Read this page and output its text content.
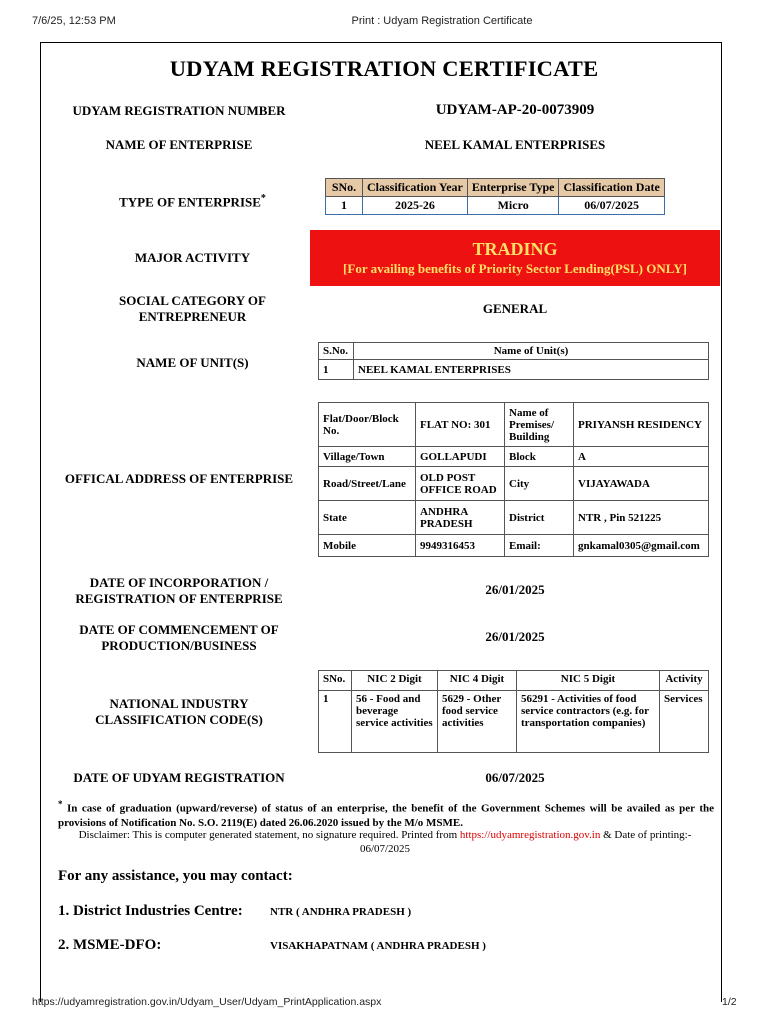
7/6/25, 12:53 PM	Print : Udyam Registration Certificate
UDYAM REGISTRATION CERTIFICATE
UDYAM REGISTRATION NUMBER	UDYAM-AP-20-0073909
NAME OF ENTERPRISE	NEEL KAMAL ENTERPRISES
TYPE OF ENTERPRISE*
SNo.	Classification Year	Enterprise Type	Classification Date
1	2025-26	Micro	06/07/2025
MAJOR ACTIVITY	TRADING
[For availing benefits of Priority Sector Lending(PSL) ONLY]
SOCIAL CATEGORY OF
ENTREPRENEUR
GENERAL
NAME OF UNIT(S)
S.No.	Name of Unit(s)
1	NEEL KAMAL ENTERPRISES
OFFICAL ADDRESS OF ENTERPRISE
Flat/Door/Block No.	FLAT NO: 301	Name of Premises/ Building	PRIYANSH RESIDENCY
Village/Town	GOLLAPUDI	Block	A
Road/Street/Lane	OLD POST OFFICE ROAD	City	VIJAYAWADA
State	ANDHRA PRADESH	District	NTR , Pin 521225
Mobile	9949316453	Email:	gnkamal0305@gmail.com
DATE OF INCORPORATION /
REGISTRATION OF ENTERPRISE
26/01/2025
DATE OF COMMENCEMENT OF
PRODUCTION/BUSINESS
26/01/2025
NATIONAL INDUSTRY
CLASSIFICATION CODE(S)
SNo.	NIC 2 Digit	NIC 4 Digit	NIC 5 Digit	Activity
1	56 - Food and beverage service activities	5629 - Other food service activities	56291 - Activities of food service contractors (e.g. for transportation companies)	Services
DATE OF UDYAM REGISTRATION	06/07/2025
* In case of graduation (upward/reverse) of status of an enterprise, the benefit of the Government Schemes will be availed as per the provisions of Notification No. S.O. 2119(E) dated 26.06.2020 issued by the M/o MSME.
Disclaimer: This is computer generated statement, no signature required. Printed from https://udyamregistration.gov.in & Date of printing:-
06/07/2025
For any assistance, you may contact:
1. District Industries Centre: NTR ( ANDHRA PRADESH )
2. MSME-DFO:	VISAKHAPATNAM ( ANDHRA PRADESH )
https://udyamregistration.gov.in/Udyam_User/Udyam_PrintApplication.aspx	1/2
